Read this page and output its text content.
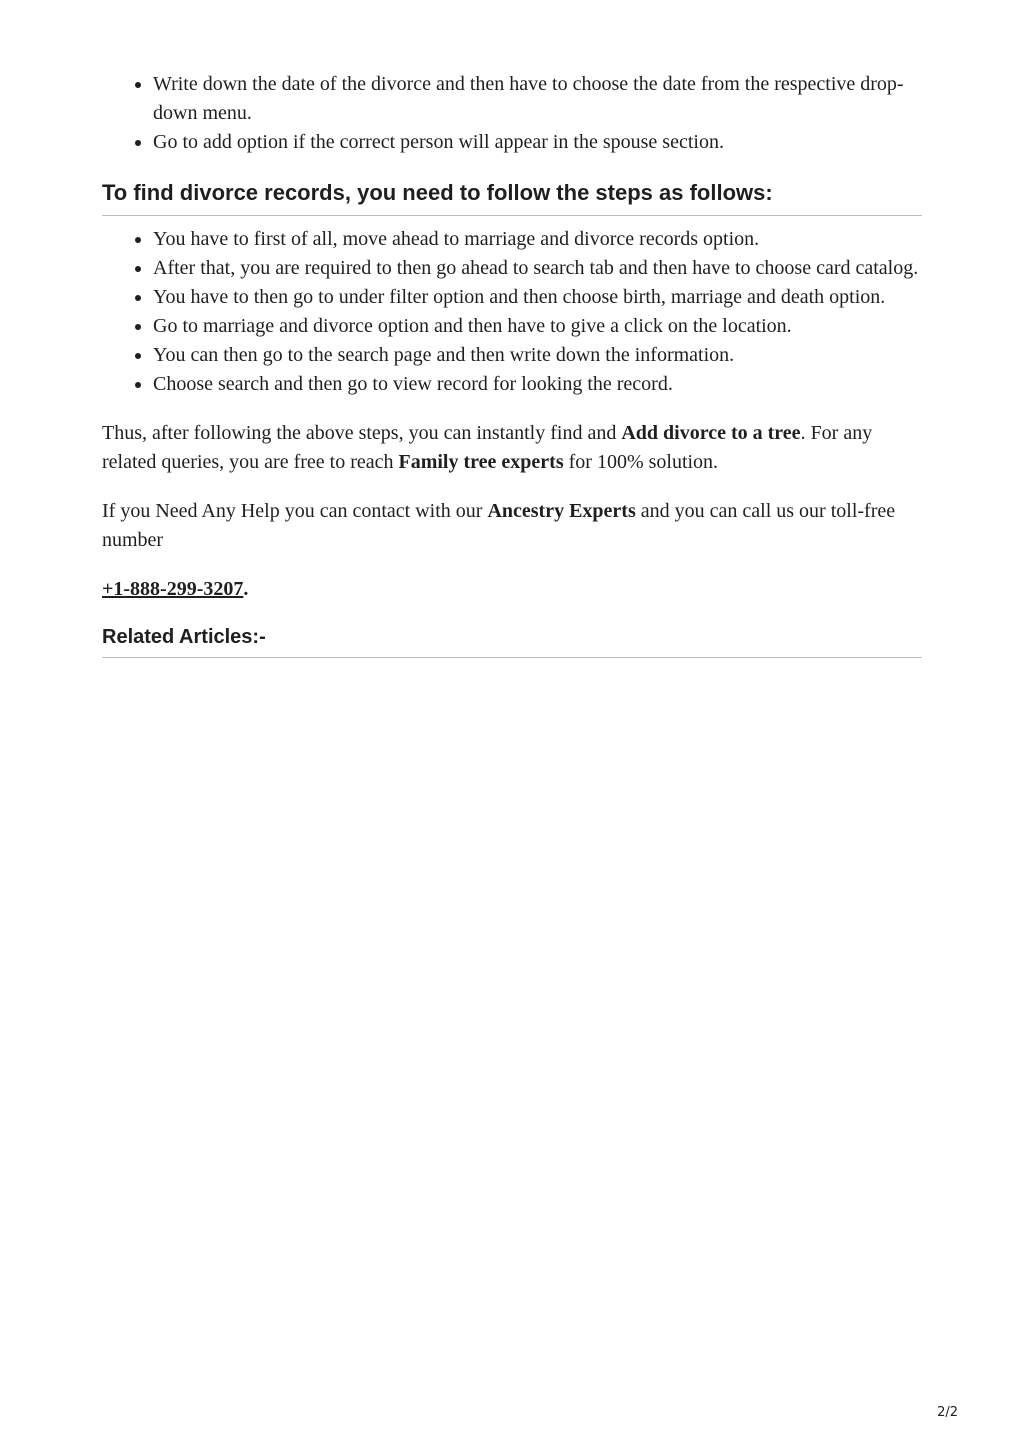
• Write down the date of the divorce and then have to choose the date from the respective drop-down menu.
• Go to add option if the correct person will appear in the spouse section.
To find divorce records, you need to follow the steps as follows:
• You have to first of all, move ahead to marriage and divorce records option.
• After that, you are required to then go ahead to search tab and then have to choose card catalog.
• You have to then go to under filter option and then choose birth, marriage and death option.
• Go to marriage and divorce option and then have to give a click on the location.
• You can then go to the search page and then write down the information.
• Choose search and then go to view record for looking the record.

Thus, after following the above steps, you can instantly find and Add divorce to a tree. For any related queries, you are free to reach Family tree experts for 100% solution.

If you Need Any Help you can contact with our Ancestry Experts and you can call us our toll-free number

+1-888-299-3207.

Related Articles:-
2/2
